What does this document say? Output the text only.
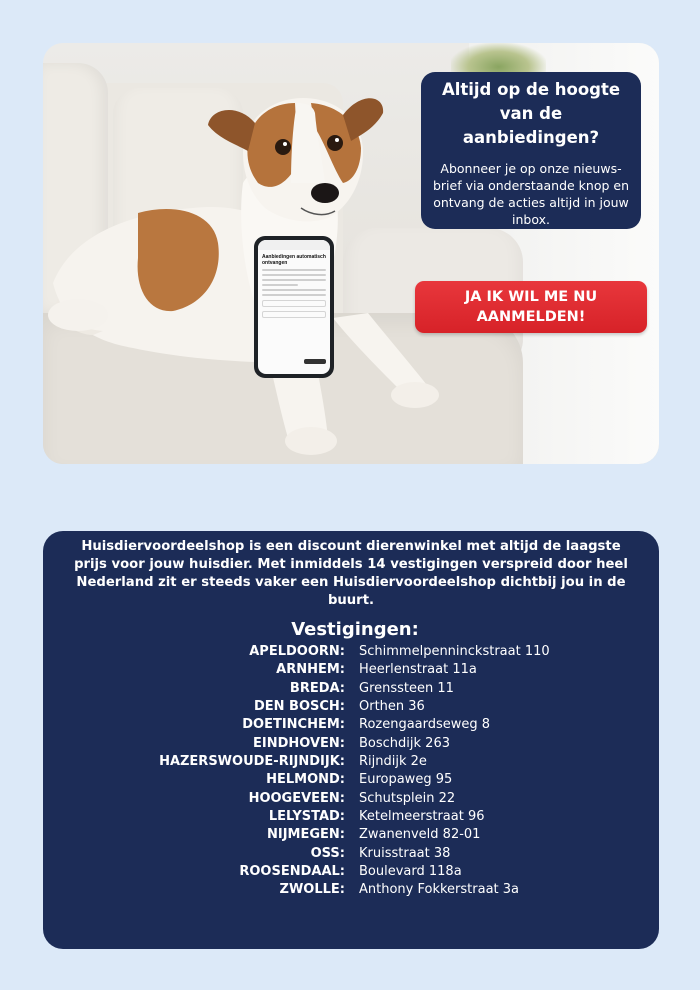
Aanbiedingen automatisch ontvangen
Altijd op de hoogte van de aanbiedingen?
Abonneer je op onze nieuws- brief via onderstaande knop en ontvang de acties altijd in jouw inbox.
JA IK WIL ME NU AANMELDEN!
Huisdiervoordeelshop is een discount dierenwinkel met altijd de laagste prijs voor jouw huisdier. Met inmiddels 14 vestigingen verspreid door heel Nederland zit er steeds vaker een Huisdiervoordeelshop dichtbij jou in de buurt.
Vestigingen:
APELDOORN: Schimmelpenninckstraat 110
ARNHEM: Heerlenstraat 11a
BREDA: Grenssteen 11
DEN BOSCH: Orthen 36
DOETINCHEM: Rozengaardseweg 8
EINDHOVEN: Boschdijk 263
HAZERSWOUDE-RIJNDIJK: Rijndijk 2e
HELMOND: Europaweg 95
HOOGEVEEN: Schutsplein 22
LELYSTAD: Ketelmeerstraat 96
NIJMEGEN: Zwanenveld 82-01
OSS: Kruisstraat 38
ROOSENDAAL: Boulevard 118a
ZWOLLE: Anthony Fokkerstraat 3a
